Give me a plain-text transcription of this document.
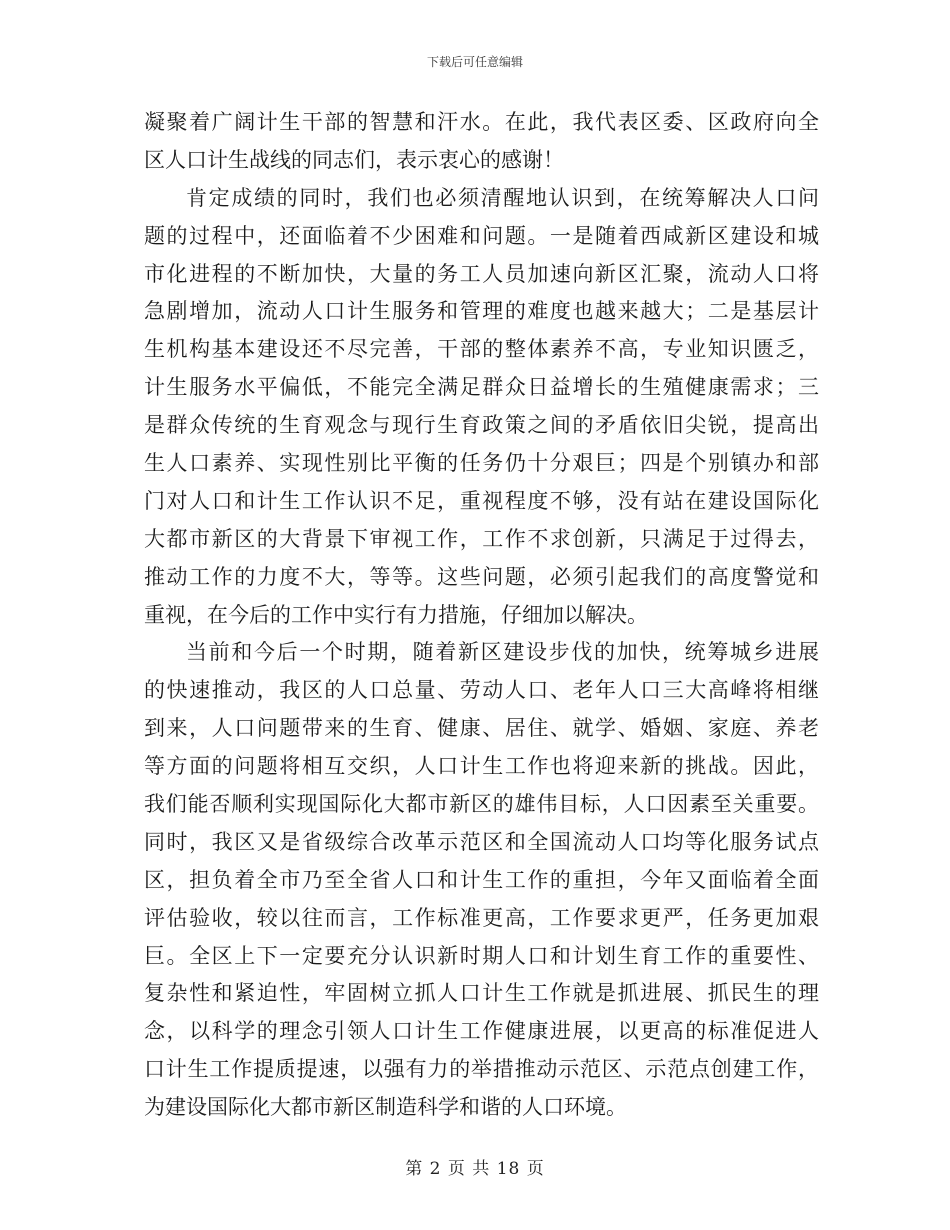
下载后可任意编辑
凝聚着广阔计生干部的智慧和汗水。在此，我代表区委、区政府向全
区人口计生战线的同志们，表示衷心的感谢！
肯定成绩的同时，我们也必须清醒地认识到，在统筹解决人口问
题的过程中，还面临着不少困难和问题。一是随着西咸新区建设和城
市化进程的不断加快，大量的务工人员加速向新区汇聚，流动人口将
急剧增加，流动人口计生服务和管理的难度也越来越大；二是基层计
生机构基本建设还不尽完善，干部的整体素养不高，专业知识匮乏，
计生服务水平偏低，不能完全满足群众日益增长的生殖健康需求；三
是群众传统的生育观念与现行生育政策之间的矛盾依旧尖锐，提高出
生人口素养、实现性别比平衡的任务仍十分艰巨；四是个别镇办和部
门对人口和计生工作认识不足，重视程度不够，没有站在建设国际化
大都市新区的大背景下审视工作，工作不求创新，只满足于过得去，
推动工作的力度不大，等等。这些问题，必须引起我们的高度警觉和
重视，在今后的工作中实行有力措施，仔细加以解决。
当前和今后一个时期，随着新区建设步伐的加快，统筹城乡进展
的快速推动，我区的人口总量、劳动人口、老年人口三大高峰将相继
到来，人口问题带来的生育、健康、居住、就学、婚姻、家庭、养老
等方面的问题将相互交织，人口计生工作也将迎来新的挑战。因此，
我们能否顺利实现国际化大都市新区的雄伟目标，人口因素至关重要。
同时，我区又是省级综合改革示范区和全国流动人口均等化服务试点
区，担负着全市乃至全省人口和计生工作的重担，今年又面临着全面
评估验收，较以往而言，工作标准更高，工作要求更严，任务更加艰
巨。全区上下一定要充分认识新时期人口和计划生育工作的重要性、
复杂性和紧迫性，牢固树立抓人口计生工作就是抓进展、抓民生的理
念，以科学的理念引领人口计生工作健康进展，以更高的标准促进人
口计生工作提质提速，以强有力的举措推动示范区、示范点创建工作，
为建设国际化大都市新区制造科学和谐的人口环境。
第 2 页 共 18 页
